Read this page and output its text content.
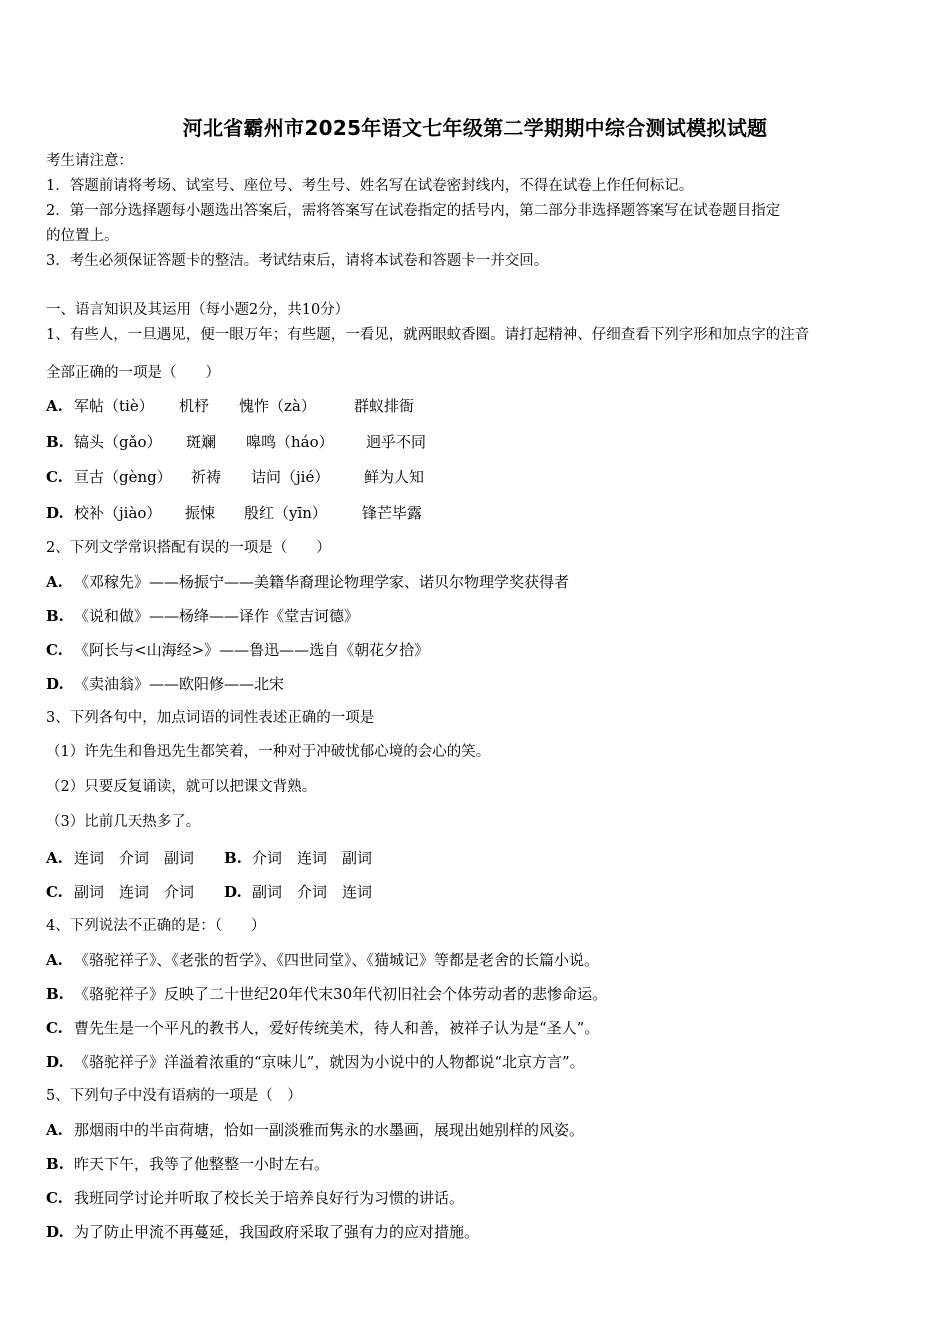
河北省霸州市2025年语文七年级第二学期期中综合测试模拟试题
考生请注意：
1．答题前请将考场、试室号、座位号、考生号、姓名写在试卷密封线内，不得在试卷上作任何标记。
2．第一部分选择题每小题选出答案后，需将答案写在试卷指定的括号内，第二部分非选择题答案写在试卷题目指定
的位置上。
3．考生必须保证答题卡的整洁。考试结束后，请将本试卷和答题卡一并交回。
一、语言知识及其运用（每小题2分，共10分）
1、有些人，一旦遇见，便一眼万年；有些题，一看见，就两眼蚊香圈。请打起精神、仔细查看下列字形和加点字的注音
全部正确的一项是（　　）
A. 军帖（tiè） 机杼 愧怍（zà）	群蚁排衙
B. 镐头（gǎo） 斑斓 嗥鸣（háo） 迥乎不同
C. 亘古（gèng） 祈祷 诘问（jié） 鲜为人知
D. 校补（jiào） 振悚 殷红（yīn） 锋芒毕露
2、下列文学常识搭配有误的一项是（　　）
A. 《邓稼先》——杨振宁——美籍华裔理论物理学家、诺贝尔物理学奖获得者
B. 《说和做》——杨绛——译作《堂吉诃德》
C. 《阿长与<山海经>》——鲁迅——选自《朝花夕拾》
D. 《卖油翁》——欧阳修——北宋
3、下列各句中，加点词语的词性表述正确的一项是
（1）许先生和鲁迅先生都笑着，一种对于冲破忧郁心境的会心的笑。
（2）只要反复诵读，就可以把课文背熟。
（3）比前几天热多了。
A. 连词　介词　副词 B. 介词　连词　副词
C. 副词　连词　介词 D. 副词　介词　连词
4、下列说法不正确的是：（　　）
A. 《骆驼祥子》、《老张的哲学》、《四世同堂》、《猫城记》等都是老舍的长篇小说。
B. 《骆驼祥子》反映了二十世纪20年代末30年代初旧社会个体劳动者的悲惨命运。
C. 曹先生是一个平凡的教书人，爱好传统美术，待人和善，被祥子认为是“圣人”。
D. 《骆驼祥子》洋溢着浓重的“京味儿”，就因为小说中的人物都说“北京方言”。
5、下列句子中没有语病的一项是（　）
A. 那烟雨中的半亩荷塘，恰如一副淡雅而隽永的水墨画，展现出她别样的风姿。
B. 昨天下午，我等了他整整一小时左右。
C. 我班同学讨论并听取了校长关于培养良好行为习惯的讲话。
D. 为了防止甲流不再蔓延，我国政府采取了强有力的应对措施。
